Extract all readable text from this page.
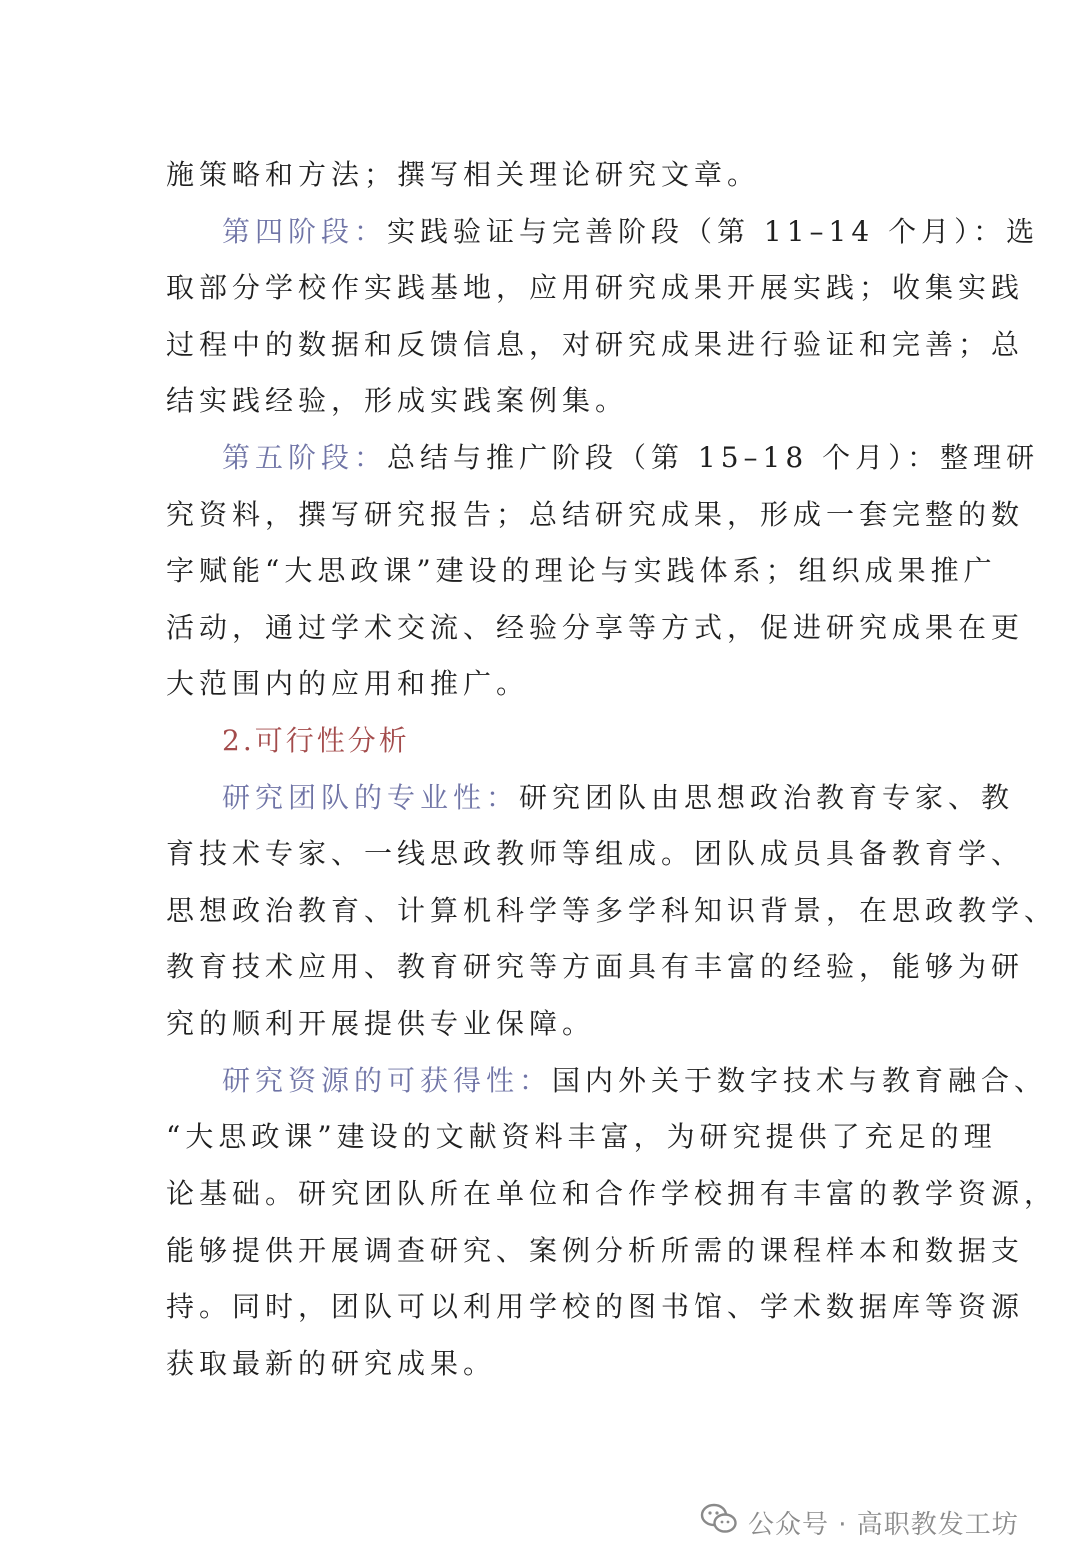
施策略和方法；撰写相关理论研究文章。
第四阶段：实践验证与完善阶段（第 11–14 个月）：选
取部分学校作实践基地，应用研究成果开展实践；收集实践
过程中的数据和反馈信息，对研究成果进行验证和完善；总
结实践经验，形成实践案例集。
第五阶段：总结与推广阶段（第 15–18 个月）：整理研
究资料，撰写研究报告；总结研究成果，形成一套完整的数
字赋能“大思政课”建设的理论与实践体系；组织成果推广
活动，通过学术交流、经验分享等方式，促进研究成果在更
大范围内的应用和推广。
2.可行性分析
研究团队的专业性：研究团队由思想政治教育专家、教
育技术专家、一线思政教师等组成。团队成员具备教育学、
思想政治教育、计算机科学等多学科知识背景，在思政教学、
教育技术应用、教育研究等方面具有丰富的经验，能够为研
究的顺利开展提供专业保障。
研究资源的可获得性：国内外关于数字技术与教育融合、
“大思政课”建设的文献资料丰富，为研究提供了充足的理
论基础。研究团队所在单位和合作学校拥有丰富的教学资源，
能够提供开展调查研究、案例分析所需的课程样本和数据支
持。同时，团队可以利用学校的图书馆、学术数据库等资源
获取最新的研究成果。
公众号 · 高职教发工坊
